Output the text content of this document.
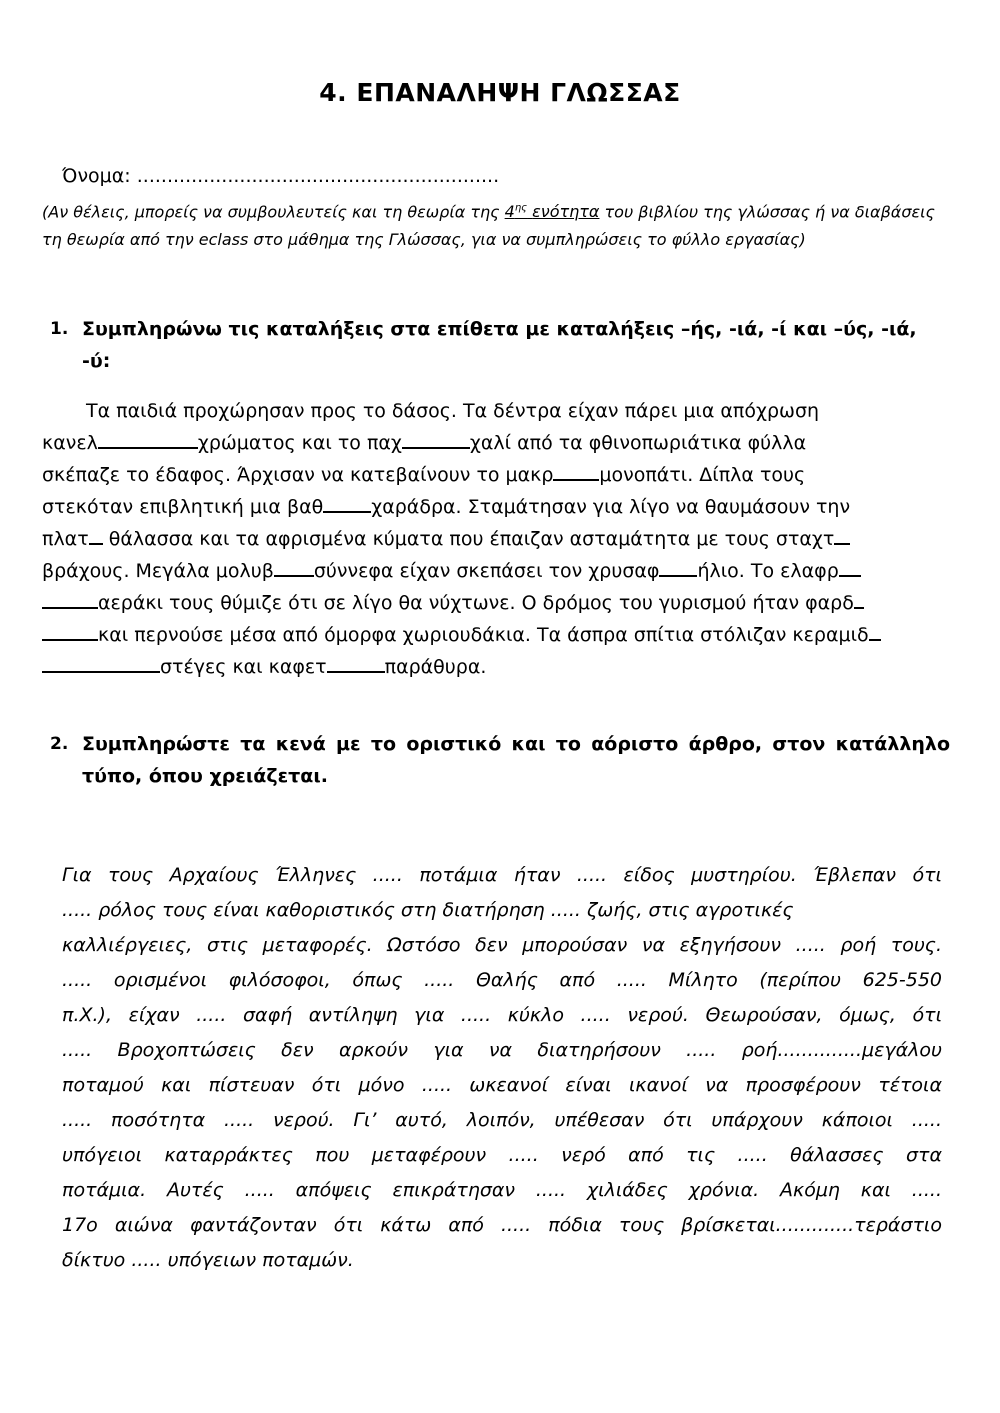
4. ΕΠΑΝΑΛΗΨΗ ΓΛΩΣΣΑΣ
Όνομα: ............................................................
(Αν θέλεις, μπορείς να συμβουλευτείς και τη θεωρία της $4^{\eta\varsigma}$ ενότητα του βιβλίου της γλώσσας ή να διαβάσεις τη θεωρία από την eclass στο μάθημα της Γλώσσας, για να συμπληρώσεις το φύλλο εργασίας)
1. Συμπληρώνω τις καταλήξεις στα επίθετα με καταλήξεις –ής, -ιά, -ί και –ύς, -ιά, -ύ:
Τα παιδιά προχώρησαν προς το δάσος. Τα δέντρα είχαν πάρει μια απόχρωση
κανελ	χρώματος και το παχ	χαλί από τα φθινοπωριάτικα φύλλα
σκέπαζε το έδαφος. Άρχισαν να κατεβαίνουν το μακρ μονοπάτι. Δίπλα τους
στεκόταν επιβλητική μια βαθ	χαράδρα. Σταμάτησαν για λίγο να θαυμάσουν την
πλατ θάλασσα και τα αφρισμένα κύματα που έπαιζαν ασταμάτητα με τους σταχτ
βράχους. Μεγάλα μολυβ σύννεφα είχαν σκεπάσει τον χρυσαφ ήλιο. Το ελαφρ
αεράκι τους θύμιζε ότι σε λίγο θα νύχτωνε. Ο δρόμος του γυρισμού ήταν φαρδ
και περνούσε μέσα από όμορφα χωριουδάκια. Τα άσπρα σπίτια στόλιζαν κεραμιδ
στέγες και καφετ	παράθυρα.
2. Συμπληρώστε τα κενά με το οριστικό και το αόριστο άρθρο, στον κατάλληλο τύπο, όπου χρειάζεται.
Για τους Αρχαίους Έλληνες ..... ποτάμια ήταν ..... είδος μυστηρίου. Έβλεπαν ότι
..... ρόλος τους είναι καθοριστικός στη διατήρηση ..... ζωής, στις αγροτικές
καλλιέργειες, στις μεταφορές. Ωστόσο δεν μπορούσαν να εξηγήσουν ..... ροή τους.
..... ορισμένοι φιλόσοφοι, όπως ..... Θαλής από ..... Μίλητο (περίπου 625-550
π.Χ.), είχαν ..... σαφή αντίληψη για ..... κύκλο ..... νερού. Θεωρούσαν, όμως, ότι
..... Βροχοπτώσεις δεν αρκούν για να διατηρήσουν ..... ροή..............μεγάλου
ποταμού και πίστευαν ότι μόνο ..... ωκεανοί είναι ικανοί να προσφέρουν τέτοια
..... ποσότητα ..... νερού. Γι’ αυτό, λοιπόν, υπέθεσαν ότι υπάρχουν κάποιοι .....
υπόγειοι καταρράκτες που μεταφέρουν ..... νερό από τις ..... θάλασσες στα
ποτάμια. Αυτές ..... απόψεις επικράτησαν ..... χιλιάδες χρόνια. Ακόμη και .....
17ο αιώνα φαντάζονταν ότι κάτω από ..... πόδια τους βρίσκεται.............τεράστιο
δίκτυο ..... υπόγειων ποταμών.
